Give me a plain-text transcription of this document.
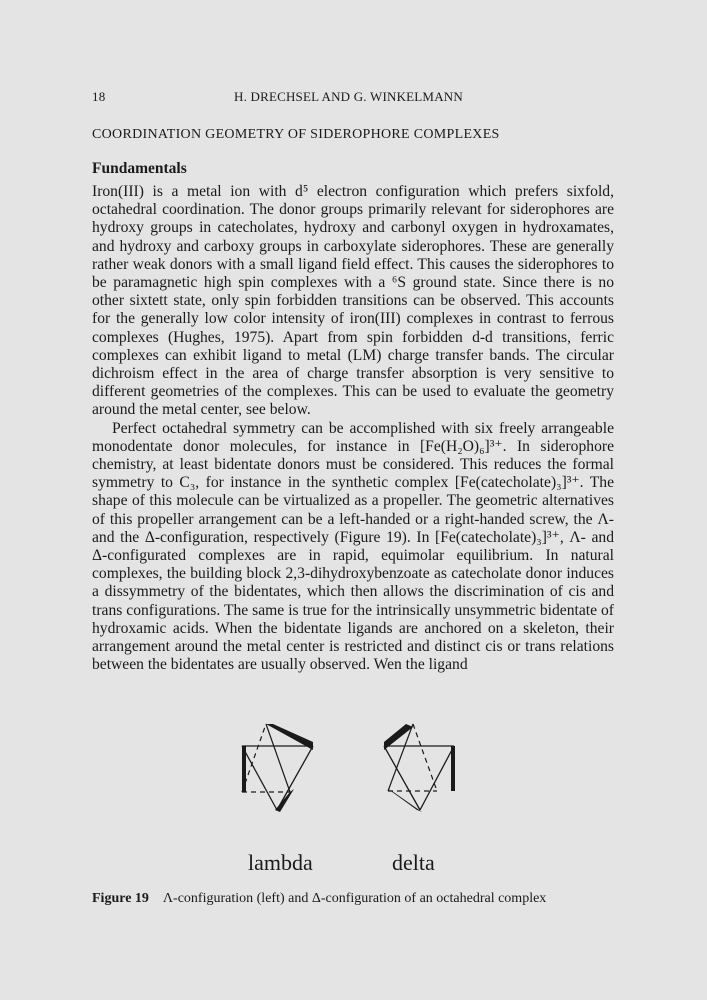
18	H. DRECHSEL AND G. WINKELMANN
COORDINATION GEOMETRY OF SIDEROPHORE COMPLEXES
Fundamentals

Iron(III) is a metal ion with d⁵ electron configuration which prefers sixfold, octahedral coordination. The donor groups primarily relevant for siderophores are hydroxy groups in catecholates, hydroxy and carbonyl oxygen in hydroxamates, and hydroxy and carboxy groups in carboxylate siderophores. These are generally rather weak donors with a small ligand field effect. This causes the siderophores to be paramagnetic high spin complexes with a ⁶S ground state. Since there is no other sixtett state, only spin forbidden transitions can be observed. This accounts for the generally low color intensity of iron(III) complexes in contrast to ferrous complexes (Hughes, 1975). Apart from spin forbidden d-d transitions, ferric complexes can exhibit ligand to metal (LM) charge transfer bands. The circular dichroism effect in the area of charge transfer absorption is very sensitive to different geometries of the complexes. This can be used to evaluate the geometry around the metal center, see below.

Perfect octahedral symmetry can be accomplished with six freely arrangeable monodentate donor molecules, for instance in [Fe(H₂O)₆]³⁺. In siderophore chemistry, at least bidentate donors must be considered. This reduces the formal symmetry to C₃, for instance in the synthetic complex [Fe(catecholate)₃]³⁺. The shape of this molecule can be virtualized as a propeller. The geometric alternatives of this propeller arrangement can be a left-handed or a right-handed screw, the Λ- and the Δ-configuration, respectively (Figure 19). In [Fe(catecholate)₃]³⁺, Λ- and Δ-configurated complexes are in rapid, equimolar equilibrium. In natural complexes, the building block 2,3-dihydroxybenzoate as catecholate donor induces a dissymmetry of the bidentates, which then allows the discrimination of cis and trans configurations. The same is true for the intrinsically unsymmetric bidentate of hydroxamic acids. When the bidentate ligands are anchored on a skeleton, their arrangement around the metal center is restricted and distinct cis or trans relations between the bidentates are usually observed. Wen the ligand

lambda	delta
Figure 19 Λ-configuration (left) and Δ-configuration of an octahedral complex
